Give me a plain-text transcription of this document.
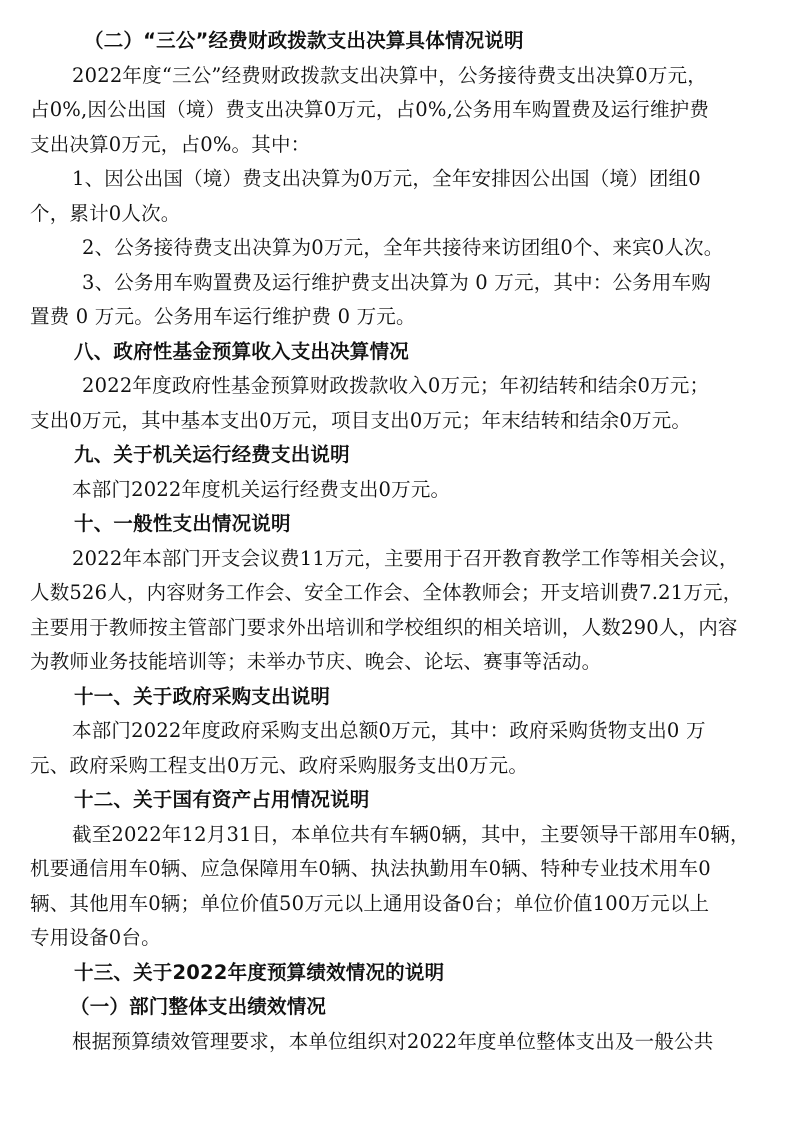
（二）“三公”经费财政拨款支出决算具体情况说明
2022年度“三公”经费财政拨款支出决算中，公务接待费支出决算0万元，
占0%,因公出国（境）费支出决算0万元，占0%,公务用车购置费及运行维护费
支出决算0万元，占0%。其中：
1、因公出国（境）费支出决算为0万元，全年安排因公出国（境）团组0
个，累计0人次。
2、公务接待费支出决算为0万元，全年共接待来访团组0个、来宾0人次。
3、公务用车购置费及运行维护费支出决算为 0 万元，其中：公务用车购
置费 0 万元。公务用车运行维护费 0 万元。
八、政府性基金预算收入支出决算情况
2022年度政府性基金预算财政拨款收入0万元；年初结转和结余0万元；
支出0万元，其中基本支出0万元，项目支出0万元；年末结转和结余0万元。
九、关于机关运行经费支出说明
本部门2022年度机关运行经费支出0万元。
十、一般性支出情况说明
2022年本部门开支会议费11万元，主要用于召开教育教学工作等相关会议，
人数526人，内容财务工作会、安全工作会、全体教师会；开支培训费7.21万元，
主要用于教师按主管部门要求外出培训和学校组织的相关培训，人数290人，内容
为教师业务技能培训等；未举办节庆、晚会、论坛、赛事等活动。
十一、关于政府采购支出说明
本部门2022年度政府采购支出总额0万元，其中：政府采购货物支出0 万
元、政府采购工程支出0万元、政府采购服务支出0万元。
十二、关于国有资产占用情况说明
截至2022年12月31日，本单位共有车辆0辆，其中，主要领导干部用车0辆，
机要通信用车0辆、应急保障用车0辆、执法执勤用车0辆、特种专业技术用车0
辆、其他用车0辆；单位价值50万元以上通用设备0台；单位价值100万元以上
专用设备0台。
十三、关于2022年度预算绩效情况的说明
（一）部门整体支出绩效情况
根据预算绩效管理要求，本单位组织对2022年度单位整体支出及一般公共
